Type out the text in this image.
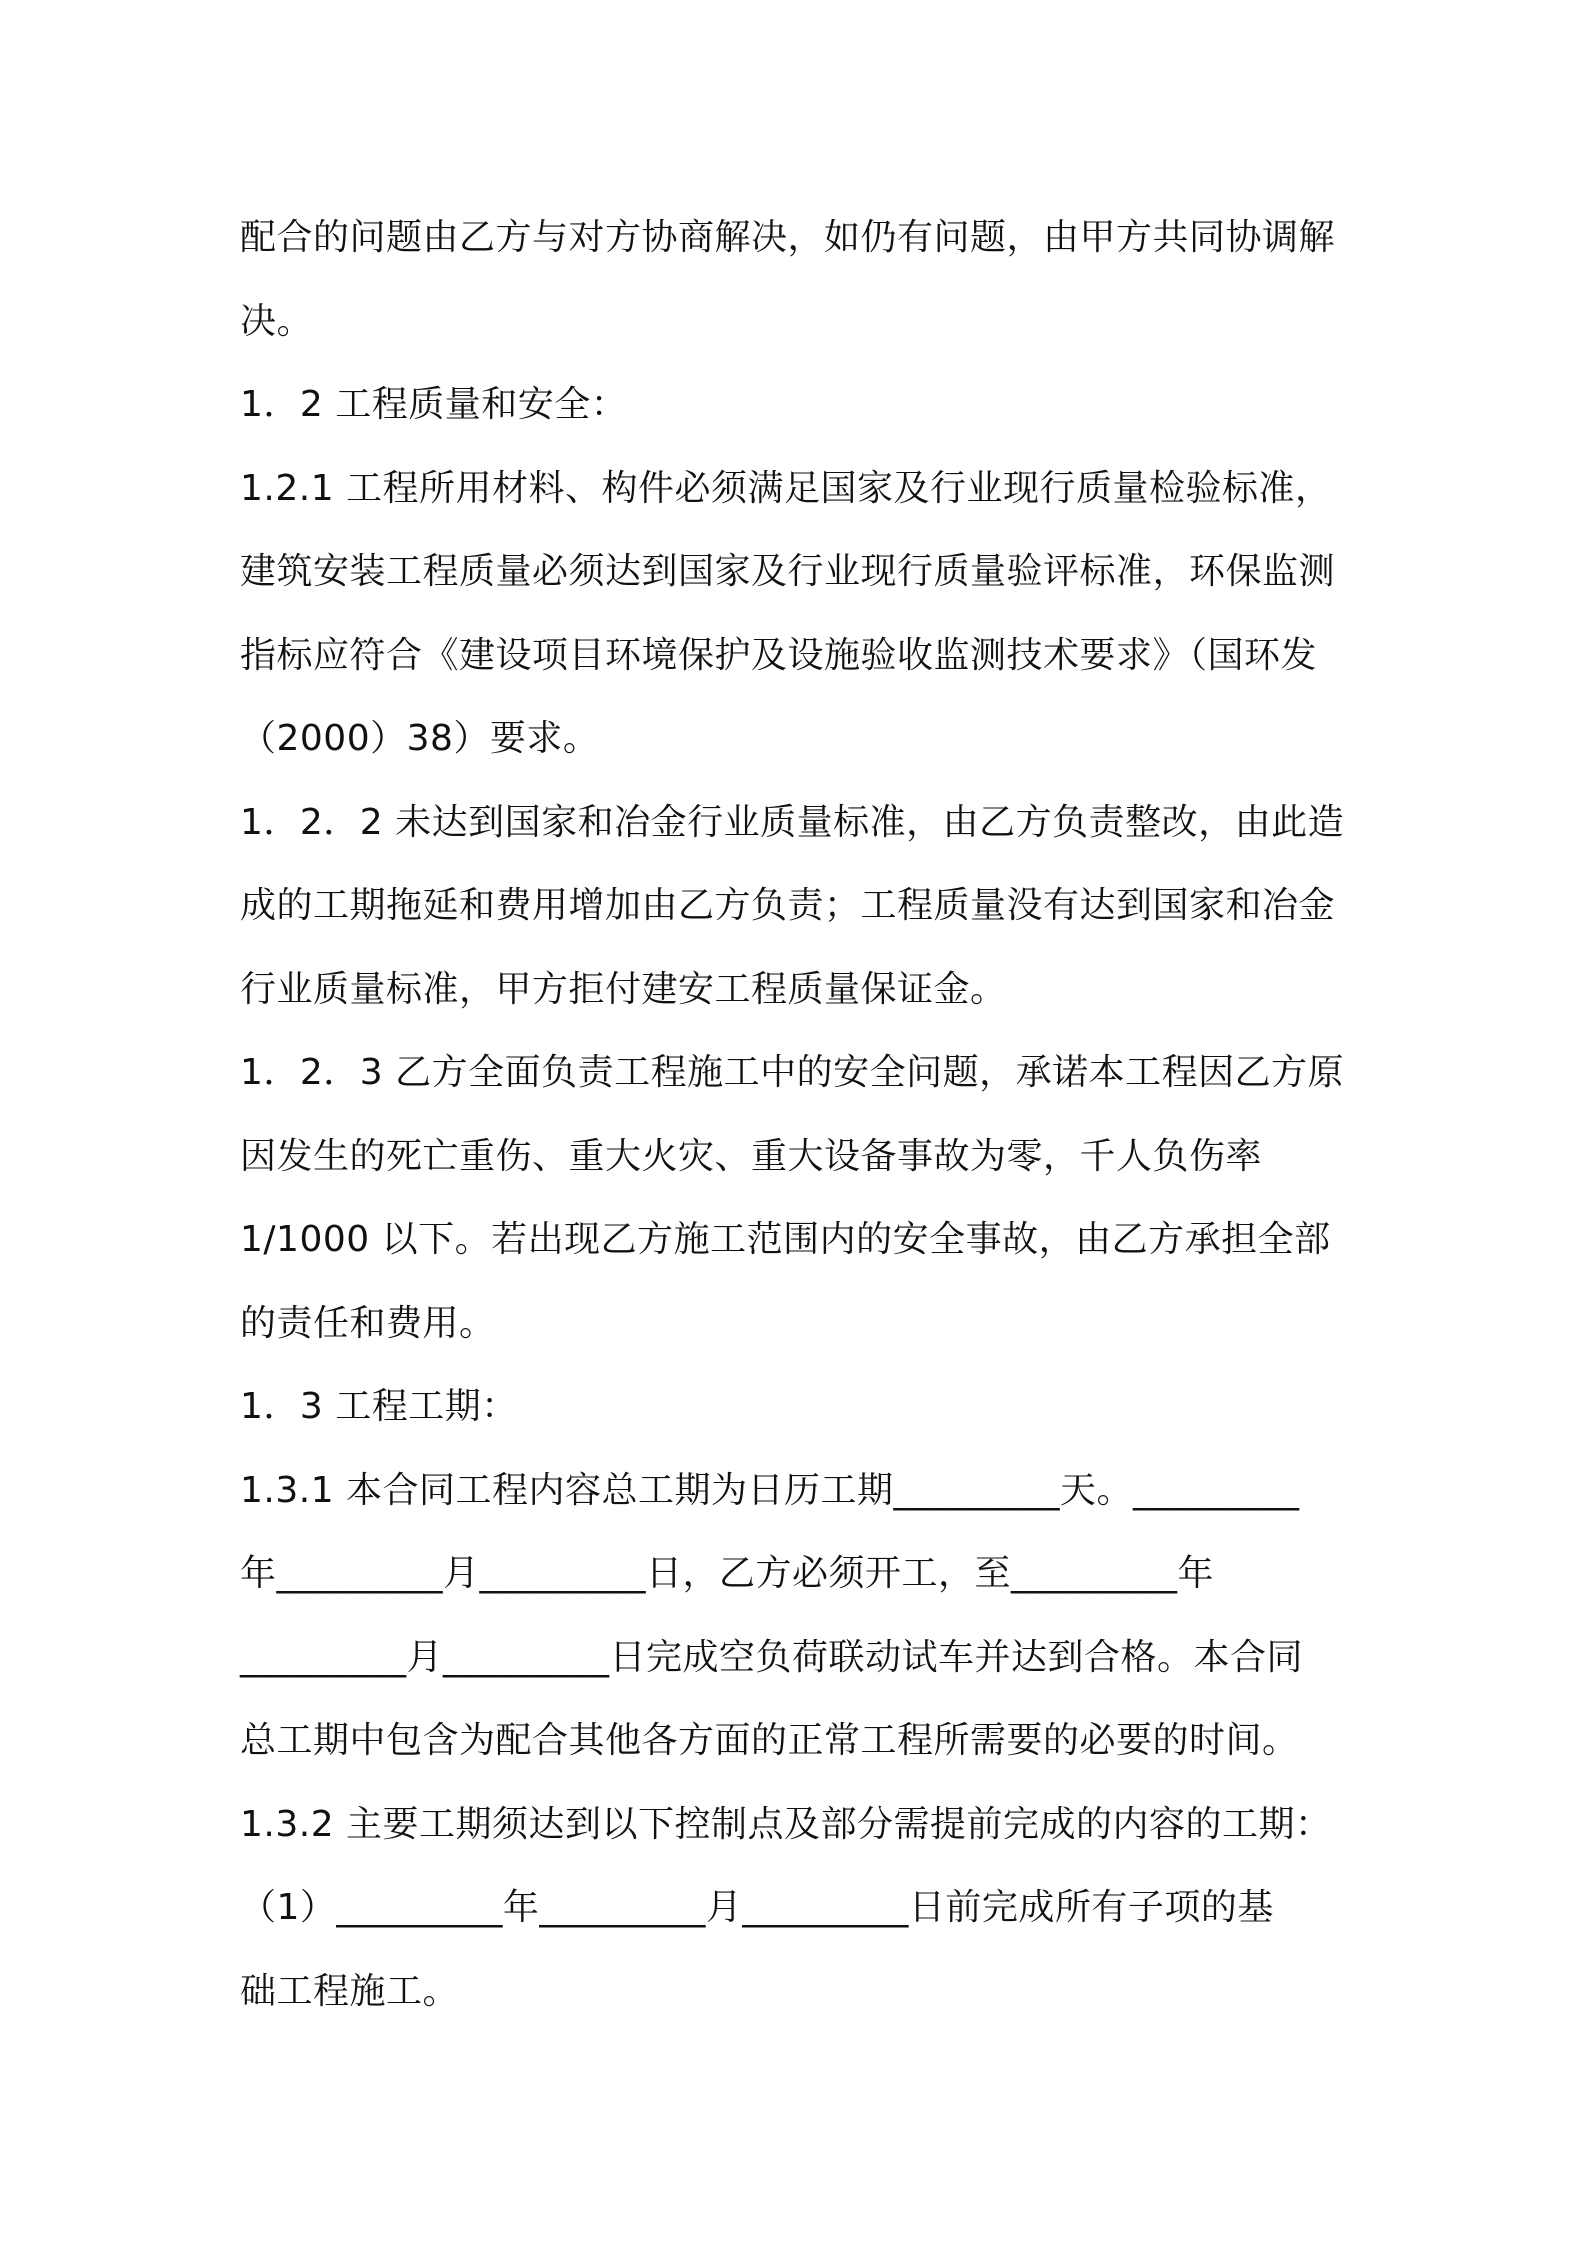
配合的问题由乙方与对方协商解决，如仍有问题，由甲方共同协调解
决。

1．2 工程质量和安全：

1.2.1 工程所用材料、构件必须满足国家及行业现行质量检验标准，
建筑安装工程质量必须达到国家及行业现行质量验评标准，环保监测
指标应符合《建设项目环境保护及设施验收监测技术要求》（国环发
（2000）38）要求。

1．2．2 未达到国家和冶金行业质量标准，由乙方负责整改，由此造
成的工期拖延和费用增加由乙方负责；工程质量没有达到国家和冶金
行业质量标准，甲方拒付建安工程质量保证金。

1．2．3 乙方全面负责工程施工中的安全问题，承诺本工程因乙方原
因发生的死亡重伤、重大火灾、重大设备事故为零，千人负伤率
1/1000 以下。若出现乙方施工范围内的安全事故，由乙方承担全部
的责任和费用。

1．3 工程工期：

1.3.1 本合同工程内容总工期为日历工期_________天。_________
年_________月_________日，乙方必须开工，至_________年
_________月_________日完成空负荷联动试车并达到合格。本合同
总工期中包含为配合其他各方面的正常工程所需要的必要的时间。

1.3.2 主要工期须达到以下控制点及部分需提前完成的内容的工期：
（1）_________年_________月_________日前完成所有子项的基
础工程施工。
